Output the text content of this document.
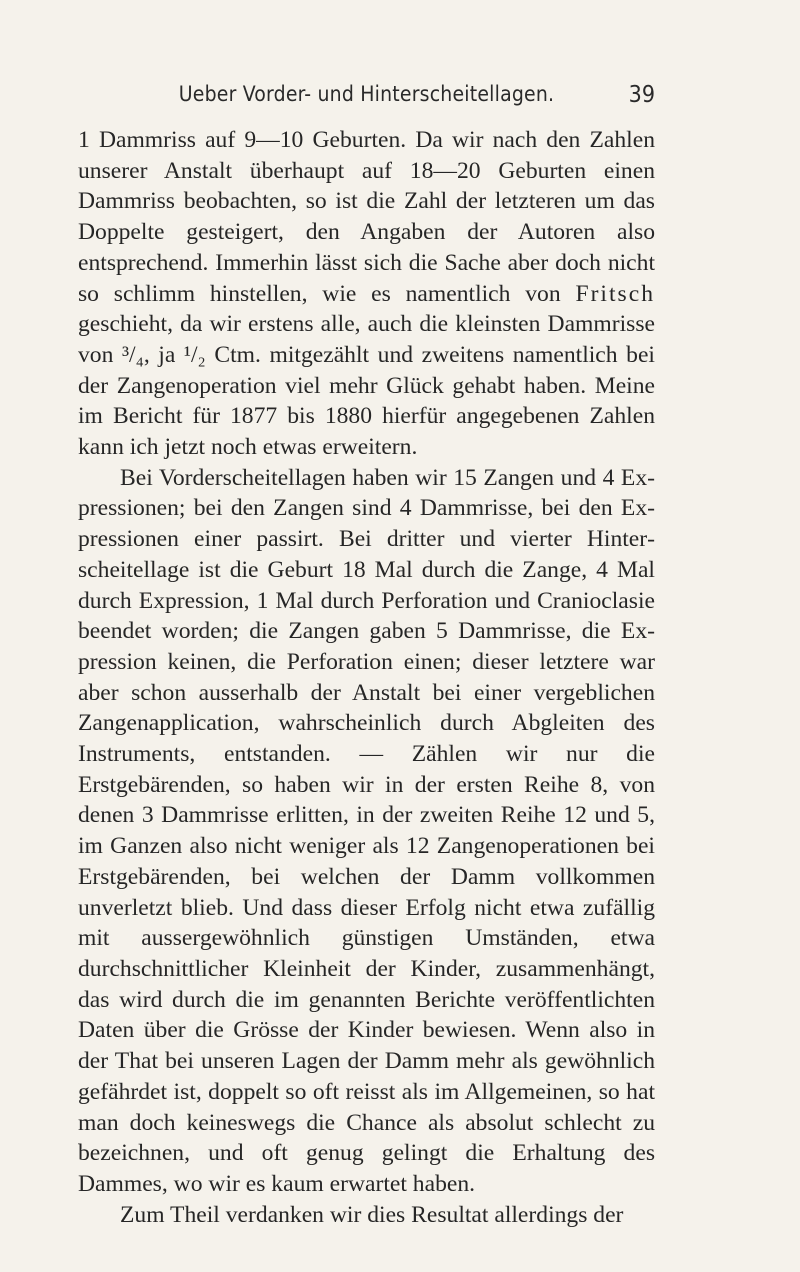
Ueber Vorder- und Hinterscheitellagen.	39

1 Dammriss auf 9—10 Geburten. Da wir nach den Zahlen unserer Anstalt überhaupt auf 18—20 Geburten einen Dammriss beobachten, so ist die Zahl der letzteren um das Doppelte gesteigert, den Angaben der Autoren also entsprechend. Immerhin lässt sich die Sache aber doch nicht so schlimm hinstellen, wie es namentlich von Fritsch geschieht, da wir erstens alle, auch die kleinsten Dammrisse von ³/₄, ja ¹/₂ Ctm. mitgezählt und zweitens namentlich bei der Zangenoperation viel mehr Glück gehabt haben. Meine im Bericht für 1877 bis 1880 hierfür angegebenen Zahlen kann ich jetzt noch etwas erweitern.

Bei Vorderscheitellagen haben wir 15 Zangen und 4 Expressionen; bei den Zangen sind 4 Dammrisse, bei den Expressionen einer passirt. Bei dritter und vierter Hinterscheitellage ist die Geburt 18 Mal durch die Zange, 4 Mal durch Expression, 1 Mal durch Perforation und Cranioclasie beendet worden; die Zangen gaben 5 Dammrisse, die Expression keinen, die Perforation einen; dieser letztere war aber schon ausserhalb der Anstalt bei einer vergeblichen Zangenapplication, wahrscheinlich durch Abgleiten des Instruments, entstanden. — Zählen wir nur die Erstgebärenden, so haben wir in der ersten Reihe 8, von denen 3 Dammrisse erlitten, in der zweiten Reihe 12 und 5, im Ganzen also nicht weniger als 12 Zangenoperationen bei Erstgebärenden, bei welchen der Damm vollkommen unverletzt blieb. Und dass dieser Erfolg nicht etwa zufällig mit aussergewöhnlich günstigen Umständen, etwa durchschnittlicher Kleinheit der Kinder, zusammenhängt, das wird durch die im genannten Berichte veröffentlichten Daten über die Grösse der Kinder bewiesen. Wenn also in der That bei unseren Lagen der Damm mehr als gewöhnlich gefährdet ist, doppelt so oft reisst als im Allgemeinen, so hat man doch keineswegs die Chance als absolut schlecht zu bezeichnen, und oft genug gelingt die Erhaltung des Dammes, wo wir es kaum erwartet haben.

Zum Theil verdanken wir dies Resultat allerdings der
